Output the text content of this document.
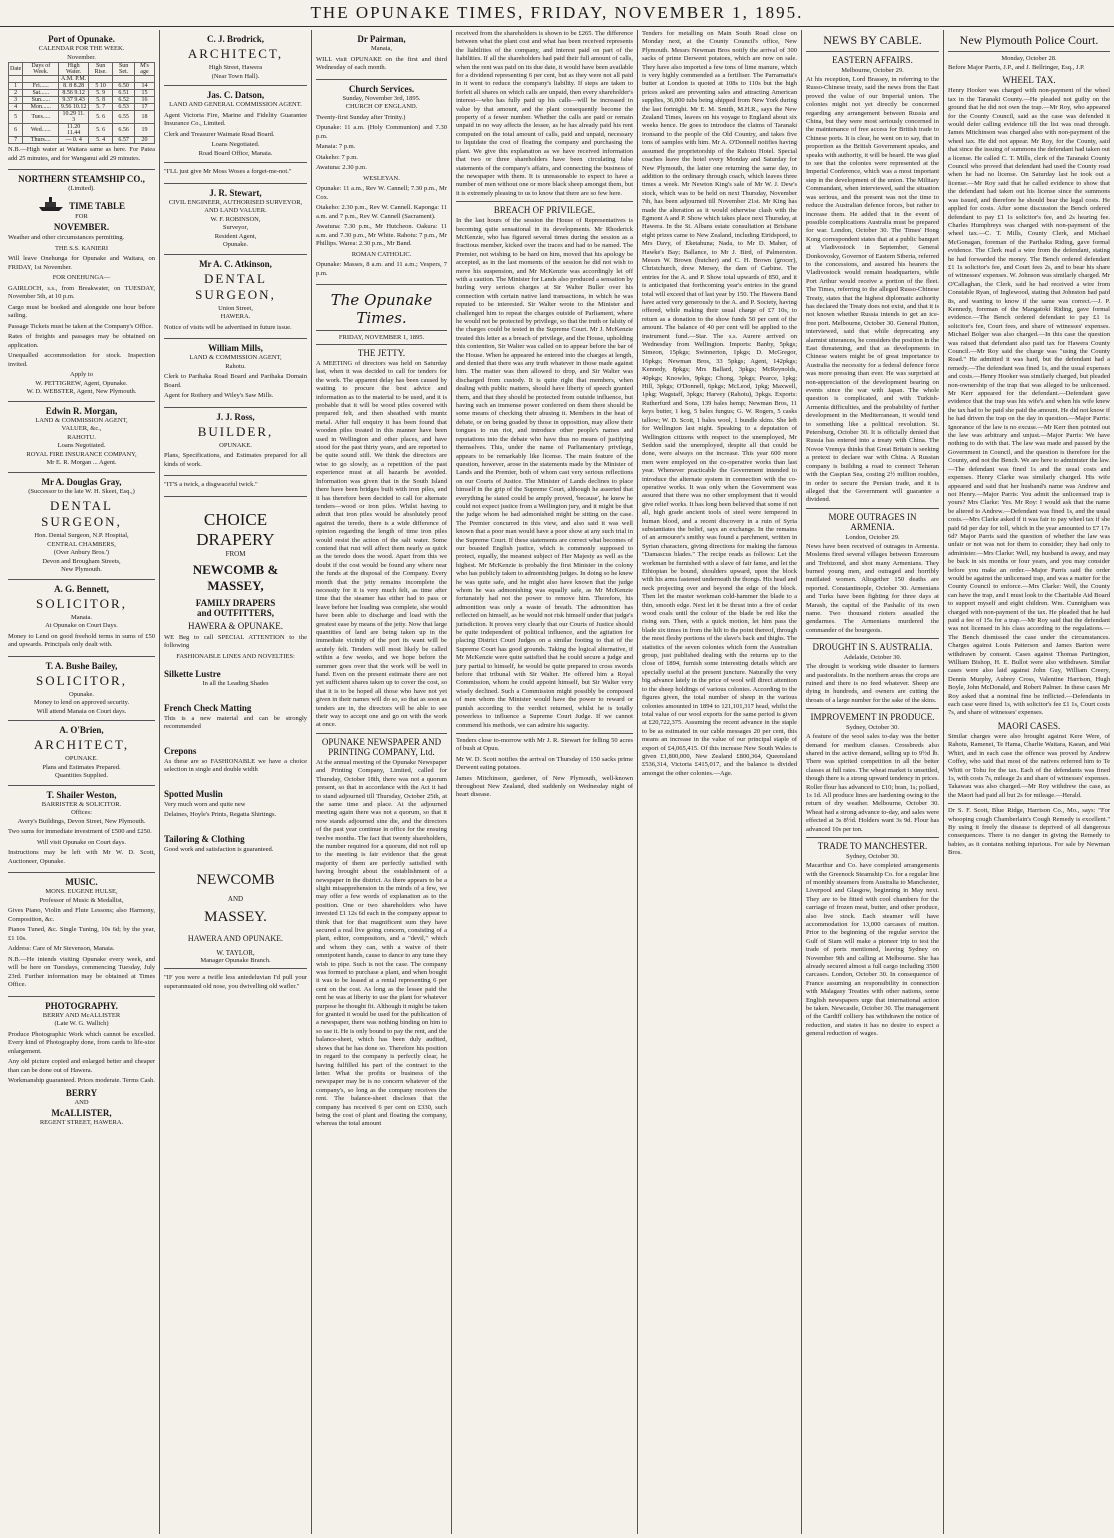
THE OPUNAKE TIMES, FRIDAY, NOVEMBER 1, 1895.
Port of Opunake.
CALENDAR FOR THE WEEK.
November.
Date	Days of Week.	High Water.	Sun Rise.	Sun Set.	M's age
		A.M. P.M.			
1	Fri......	8. 8 8.28	5 10	6.50	14
2	Sat......	8.56 9.12	5. 9	6.51	15
3	Sun......	9.37 9.43	5. 8	6.52	16
4	Mon......	9.56 10.12	5. 7	6.53	17
5	Tues.....	10.29 11. 3	5. 6	6.55	18
6	Wed......	11.20 11.44	5. 6	6.56	19
7	Thurs....	— 0. 4	5. 4	6.57	20

N.B.—High water at Waitara same as here. For Patea add 25 minutes, and for Wanganui add 29 minutes.

NORTHERN STEAMSHIP CO.,
(Limited).
TIME TABLE
FOR
NOVEMBER.

Weather and other circumstances permitting.

THE S.S. KANIERI

Will leave Onehunga for Opunake and Waitara, on FRIDAY, 1st November.

FOR ONEHUNGA—

GAIRLOCH, s.s., from Breakwater, on TUESDAY, November 5th, at 10 p.m.

Cargo must be booked and alongside one hour before sailing.

Passage Tickets must be taken at the Company's Office.

Rates of freights and passages may be obtained on application.

Unequalled accommodation for stock. Inspection invited.

Apply to
W. PETTIGREW, Agent, Opunake.
W. D. WEBSTER, Agent, New Plymouth.
Edwin R. Morgan,
LAND & COMMISSION AGENT,
VALUER, &c.,
RAHOTU.
Loans Negotiated.
ROYAL FIRE INSURANCE COMPANY,
Mr E. R. Morgan ... Agent.
Mr A. Douglas Gray,
(Successor to the late W. H. Skeet, Esq.,)
DENTAL SURGEON,
Hon. Dental Surgeon, N.P. Hospital,
CENTRAL CHAMBERS,
(Over Anbury Bros.')
Devon and Brougham Streets,
New Plymouth.
A. G. Bennett,
SOLICITOR,
Manaia.
At Opunake on Court Days.

Money to Lend on good freehold terms in sums of £50 and upwards. Principals only dealt with.

T. A. Bushe Bailey,
SOLICITOR,
Opunake.
Money to lend on approved security.
Will attend Manaia on Court days.
A. O'Brien,
ARCHITECT,
OPUNAKE.
Plans and Estimates Prepared.
Quantities Supplied.
T. Shailer Weston,
BARRISTER & SOLICITOR.
Offices:
Avery's Buildings, Devon Street, New Plymouth.

Two sums for immediate investment of £500 and £250.

Will visit Opunake on Court days.

Instructions may be left with Mr W. D. Scott, Auctioneer, Opunake.

MUSIC.
MONS. EUGENE HULSE,
Professor of Music & Medallist,

Gives Piano, Violin and Flute Lessons; also Harmony, Composition, &c.

Pianos Tuned, &c. Single Tuning, 10s 6d; by the year, £1 10s.

Address: Care of Mr Stevenson, Manaia.

N.B.—He intends visiting Opunake every week, and will be here on Tuesdays, commencing Tuesday, July 23rd. Further information may be obtained at Times Office.

PHOTOGRAPHY.
BERRY AND McALLISTER
(Late W. G. Wallich)

Produce Photographic Work which cannot be excelled. Every kind of Photography done, from cards to life-size enlargement.

Any old picture copied and enlarged better and cheaper than can be done out of Hawera.

Workmanship guaranteed. Prices moderate. Terms Cash.

BERRY
AND
McALLISTER,
REGENT STREET, HAWERA.
C. J. Brodrick,
ARCHITECT,
High Street, Hawera
(Near Town Hall).
Jas. C. Datson,
LAND AND GENERAL COMMISSION AGENT.

Agent Victoria Fire, Marine and Fidelity Guarantee Insurance Co., Limited.

Clerk and Treasurer Waimate Road Board.

Loans Negotiated.
Road Board Office, Manaia.

"I'LL just give Mr Moss Woses a forget-me-not."

J. R. Stewart,
CIVIL ENGINEER, AUTHORISED SURVEYOR, AND LAND VALUER.
W. F. ROBINSON,
Surveyor,
Resident Agent,
Opunake.
Mr A. C. Atkinson,
DENTAL SURGEON,
Union Street,
HAWERA.

Notice of visits will be advertised in future issue.

William Mills,
LAND & COMMISSION AGENT,
Rahotu.

Clerk to Parihaka Road Board and Parihaka Domain Board.

Agent for Rothery and Wiley's Saw Mills.

J. J. Ross,
BUILDER,
OPUNAKE.

Plans, Specifications, and Estimates prepared for all kinds of work.

"IT'S a twick, a disgwaceful twick."

CHOICE
DRAPERY
FROM
NEWCOMB & MASSEY,
FAMILY DRAPERS
and OUTFITTERS,
HAWERA & OPUNAKE.

WE Beg to call SPECIAL ATTENTION to the following

FASHIONABLE LINES AND NOVELTIES:
Silkette Lustre
In all the Leading Shades
French Check Matting

This is a new material and can be strongly recommended

Crepons

As these are so FASHIONABLE we have a choice selection in single and double width

Spotted Muslin

Very much worn and quite new

Delaines, Hoyle's Prints, Regatta Shirtings.

Tailoring & Clothing

Good work and satisfaction is guaranteed.

NEWCOMB
AND
MASSEY.
HAWERA AND OPUNAKE.
W. TAYLOR,
Manager Opunake Branch.

"IF you were a twifle less antedeluvian I'd pull your superannuated old nose, you dwivelling old wafler."

Dr Pairman,
Manaia,

WILL visit OPUNAKE on the first and third Wednesday of each month.

Church Services.
Sunday, November 3rd, 1895.
CHURCH OF ENGLAND.

Twenty-first Sunday after Trinity.)

Opunake: 11 a.m. (Holy Communion) and 7.30 p.m.

Manaia: 7 p.m.

Otakeho: 7 p.m.

Awatuna: 2.30 p.m.

WESLEYAN.

Opunake: 11 a.m., Rev W. Cannell; 7.30 p.m., Mr Cox.

Otakeho: 2.30 p.m., Rev W. Cannell. Kaponga: 11 a.m. and 7 p.m., Rev W. Cannell (Sacrament).

Awatuna: 7.30 p.m., Mr Hutcheon. Oakura: 11 a.m. and 7.30 p.m., Mr White. Rahotu: 7 p.m., Mr Phillips. Warea: 2.30 p.m., Mr Band.

ROMAN CATHOLIC.

Opunake: Masses, 8 a.m. and 11 a.m.; Vespers, 7 p.m.

The Opunake Times.
FRIDAY, NOVEMBER 1, 1895.
THE JETTY.

A MEETING of directors was held on Saturday last, when it was decided to call for tenders for the work. The apparent delay has been caused by waiting to procure the best advice and information as to the material to be used, and it is probable that it will be wood piles covered with prepared felt, and then sheathed with muntz metal. After full enquiry it has been found that wooden piles treated in this manner have been used in Wellington and other places, and have stood for the past thirty years, and are reported to be quite sound still. We think the directors are wise to go slowly, as a repetition of the past experience must at all hazards be avoided. Information was given that in the South Island there have been bridges built with iron piles, and it has therefore been decided to call for alternate tenders—wood or iron piles. Whilst having to admit that iron piles would be absolutely proof against the teredo, there is a wide difference of opinion regarding the length of time iron piles would resist the action of the salt water. Some contend that rust will affect them nearly as quick as the teredo does the wood. Apart from this we doubt if the cost would be found any where near the funds at the disposal of the Company. Every month that the jetty remains incomplete the necessity for it is very much felt, as time after time that the steamer has either had to pass or leave before her loading was complete, she would have been able to discharge and load with the greatest ease by means of the jetty. Now that large quantities of land are being taken up in the immediate vicinity of the port its want will be acutely felt. Tenders will most likely be called within a few weeks, and we hope before the summer goes over that the work will be well in hand. Even on the present estimate there are not yet sufficient shares taken up to cover the cost, so that it is to be hoped all those who have not yet given in their names will do so, so that as soon as tenders are in, the directors will be able to see their way to accept one and go on with the work at once.

OPUNAKE NEWSPAPER AND PRINTING COMPANY, Ltd.

At the annual meeting of the Opunake Newspaper and Printing Company, Limited, called for Thursday, October 18th, there was not a quorum present, so that in accordance with the Act it had to stand adjourned till Thursday, October 25th, at the same time and place. At the adjourned meeting again there was not a quorum, so that it now stands adjourned sine die, and the directors of the past year continue in office for the ensuing twelve months. The fact that twenty shareholders, the number required for a quorum, did not roll up to the meeting is fair evidence that the great majority of them are perfectly satisfied with having brought about the establishment of a newspaper in the district. As there appears to be a slight misapprehension in the minds of a few, we may offer a few words of explanation as to the position. One or two shareholders who have invested £1 12s 6d each in the company appear to think that for that magnificent sum they have secured a real live going concern, consisting of a plant, editor, compositors, and a "devil," which and whom they can, with a waive of their omnipotent hands, cause to dance to any tune they wish to pipe. Such is not the case. The company was formed to purchase a plant, and when bought it was to be leased at a rental representing 6 per cent on the cost. As long as the lessee paid the rent he was at liberty to use the plant for whatever purpose he thought fit. Although it might be taken for granted it would be used for the publication of a newspaper, there was nothing binding on him to so use it. He is only bound to pay the rent, and the balance-sheet, which has been duly audited, shows that he has done so. Therefore his position in regard to the company is perfectly clear, he having fulfilled his part of the contract to the letter. What the profits or business of the newspaper may be is no concern whatever of the company's, so long as the company receives the rent. The balance-sheet discloses that the company has received 6 per cent on £330, such being the cost of plant and floating the company, whereas the total amount

received from the shareholders is shown to be £265. The difference between what the plant cost and what has been received represents the liabilities of the company, and interest paid on part of the liabilities. If all the shareholders had paid their full amount of calls, when the rent was paid on its due date, it would have been available for a dividend representing 6 per cent, but as they were not all paid in it went to reduce the company's liability. If steps are taken to forfeit all shares on which calls are unpaid, then every shareholder's interest—who has fully paid up his calls—will be increased in value by that amount, and the plant consequently become the property of a fewer number. Whether the calls are paid or remain unpaid in no way affects the lessee, as he has already paid his rent computed on the total amount of calls, paid and unpaid, necessary to liquidate the cost of floating the company and purchasing the plant. We give this explanation as we have received information that two or three shareholders have been circulating false statements of the company's affairs, and connecting the business of the newspaper with them. It is unreasonable to expect to have a number of men without one or more black sheep amongst them, but it is extremely pleasing to us to know that there are so few here.

BREACH OF PRIVILEGE.

In the last hours of the session the House of Representatives is becoming quite sensational in its developments. Mr Rhoderick McKenzie, who has figured several times during the session as a fractious member, kicked over the traces and had to be named. The Premier, not wishing to be hard on him, moved that his apology be accepted, as in the last moments of the session he did not wish to move his suspension, and Mr McKenzie was accordingly let off with a caution. The Minister for Lands also produced a sensation by hurling very serious charges at Sir Walter Buller over his connection with certain native land transactions, in which he was reputed to be interested. Sir Walter wrote to the Minister and challenged him to repeat the charges outside of Parliament, where he would not be protected by privilege, so that the truth or falsity of the charges could be tested in the Supreme Court. Mr J. McKenzie treated this letter as a breach of privilege, and the House, upholding this contention, Sir Walter was called on to appear before the bar of the House. When he appeared he entered into the charges at length, and denied that there was any truth whatever in those made against him. The matter was then allowed to drop, and Sir Walter was discharged from custody. It is quite right that members, when dealing with public matters, should have liberty of speech granted them, and that they should be protected from outside influence, but having such an immense power conferred on them there should be some means of checking their abusing it. Members in the heat of debate, or on being goaded by those in opposition, may allow their tongues to run riot, and introduce other people's names and reputations into the debate who have thus no means of justifying themselves. This, under the name of Parliamentary privilege, appears to be remarkably like license. The main feature of the question, however, arose in the statements made by the Minister of Lands and the Premier, both of whom cast very serious reflections on our Courts of Justice. The Minister of Lands declines to place himself in the grip of the Supreme Court, although he asserted that everything he stated could be amply proved, 'because', he knew he could not expect justice from a Wellington jury, and it might be that the judge whom he had admonished might be sitting on the case. The Premier concurred in this view, and also said it was well known that a poor man would have a poor show at any such trial in the Supreme Court. If these statements are correct what becomes of our boasted English justice, which is commonly supposed to protect, equally, the meanest subject of Her Majesty as well as the highest. Mr McKenzie is probably the first Minister in the colony who has publicly taken to admonishing judges. In doing so he knew he was quite safe, and he might also have known that the judge whom he was admonishing was equally safe, as Mr McKenzie fortunately had not the power to remove him. Therefore, his admonition was only a waste of breath. The admonition has reflected on himself, as he would not risk himself under that judge's jurisdiction. It proves very clearly that our Courts of Justice should be quite independent of political influence, and the agitation for placing District Court Judges on a similar footing to that of the Supreme Court has good grounds. Taking the logical alternative, if Mr McKenzie were quite satisfied that he could secure a judge and jury partial to himself, he would be quite prepared to cross swords before that tribunal with Sir Walter. He offered him a Royal Commission, whom he could appoint himself, but Sir Walter very wisely declined. Such a Commission might possibly be composed of men whom the Minister would have the power to reward or punish according to the verdict returned, whilst he is totally powerless to influence a Supreme Court Judge. If we cannot commend his methods, we can admire his sagacity.

Tenders close to-morrow with Mr J. R. Stewart for felling 50 acres of bush at Opuu.

Mr W. D. Scott notifies the arrival on Thursday of 150 sacks prime Derwent eating potatoes.

James Mitchinson, gardener, of New Plymouth, well-known throughout New Zealand, died suddenly on Wednesday night of heart disease.

Tenders for metalling on Main South Road close on Monday next, at the County Council's office, New Plymouth. Messrs Newman Bros notify the arrival of 300 sacks of prime Derwent potatoes, which are now on sale. They have also imported a few tons of lime manure, which is very highly commended as a fertiliser. The Parramatta's butter at London is quoted at 108s to 110s but the high prices asked are preventing sales and attracting American supplies, 36,000 tubs being shipped from New York during the last fortnight. Mr E. M. Smith, M.H.R., says the New Zealand Times, leaves on his voyage to England about six weeks hence. He goes to introduce the claims of Taranaki ironsand to the people of the Old Country, and takes five tons of samples with him. Mr A. O'Donnell notifies having assumed the proprietorship of the Rahotu Hotel. Special coaches leave the hotel every Monday and Saturday for New Plymouth, the latter one returning the same day, in addition to the ordinary through coach, which leaves three times a week. Mr Newton King's sale of Mr W. J. Dew's stock, which was to be held on next Thursday, November 7th, has been adjourned till November 21st. Mr King has made the alteration as it would otherwise clash with the Egmont A and P. Show which takes place next Thursday, at Hawera. In the St. Albans estate consultation at Brisbane eight prizes came to New Zealand, including Eiridspord, to Mrs Davy, of Eketahuna; Nada, to Mr D. Maher, of Hawke's Bay; Ballance, to Mr J. Bird, of Palmerston. Messrs W. Brown (butcher) and C. H. Brown (grocer), Christchurch, drew Mersey, the dam of Carbine. The entries for the A. and P. Show total upwards of 850, and it is anticipated that forthcoming year's entries in the grand total will exceed that of last year by 150. The Hawera Band have acted very generously to the A. and P. Society, having offered, while making their usual charge of £7 10s, to return as a donation to the show funds 50 per cent of the amount. The balance of 40 per cent will be applied to the instrument fund.—Star. The s.s. Aurere arrived on Wednesday from Wellington. Imports: Banby, 5pkgs; Simeon, 15pkgs; Swinnerton, 1pkgs; D. McGregor, 16pkgs; Newman Bros, 33 5pkgs; Agent, 142pkgs; Kennedy, 8pkgs; Mrs Ballard, 3pkgs; McReynolds, 40pkgs; Knowles, 9pkgs; Chong, 3pkgs; Pearce, 1pkg; Hill, 3pkgs; O'Donnell, 6pkgs; McLeod, 1pkg; Maxwell, 1pkg; Wagstaff, 3pkgs; Harvey (Rahotu), 3pkgs. Exports: Rutherfurd and Sons, 139 bales hemp; Newman Bros, 11 keys butter, 1 keg, 5 bales fungus; G. W. Rogers, 5 casks tallow; W. D. Scott, 1 bales wool, 1 bundle skins. She left for Wellington last night. Speaking to a deputation of Wellington citizens with respect to the unemployed, Mr Seddon said the unemployed, despite all that could be done, were always on the increase. This year 600 more men were employed on the co-operative works than last year. Whenever practicable the Government intended to introduce the alternate system in connection with the co-operative works. It was only when the Government was assured that there was no other employment that it would give relief works. It has long been believed that some if not all, high grade ancient tools of steel were tempered in human blood, and a recent discovery in a ruin of Syria substantiates the belief, says an exchange. In the remains of an armourer's smithy was found a parchment, written in Syrian characters, giving directions for making the famous "Damascus blades." The recipe reads as follows: Let the workman be furnished with a slave of fair fame, and let the Ethiopian be bound, shoulders upward, upon the block with his arms fastened underneath the thongs. His head and neck projecting over and beyond the edge of the block. Then let the master workman cold-hammer the blade to a thin, smooth edge. Next let it be thrust into a fire of cedar wood coals until the colour of the blade be red like the rising sun. Then, with a quick motion, let him pass the blade six times in from the hilt to the point thereof, through the most fleshy portions of the slave's back and thighs. The statistics of the seven colonies which form the Australian group, just published dealing with the returns up to the close of 1894, furnish some interesting details which are specially useful at the present juncture. Naturally the very big advance lately in the price of wool will direct attention to the sheep holdings of various colonies. According to the figures given, the total number of sheep in the various colonies amounted in 1894 to 121,101,317 head, whilst the total value of our wool exports for the same period is given at £20,722,375. Assuming the recent advance in the staple to be as estimated in our cable messages 20 per cent, this means an increase in the value of our principal staple of export of £4,065,415. Of this increase New South Wales is given £1,800,000, New Zealand £800,364, Queensland £536,314, Victoria £415,017, and the balance is divided amongst the other colonies.—Age.

NEWS BY CABLE.
EASTERN AFFAIRS.
Melbourne, October 29.

At his reception, Lord Brassey, in referring to the Russo-Chinese treaty, said the news from the East proved the value of our Imperial union. The colonies might not yet directly be concerned regarding any arrangement between Russia and China, but they were most seriously concerned in the maintenance of free access for British trade to Chinese ports. It is clear, he went on to say, that in proportion as the British Government speaks, and speaks with authority, it will be heard. He was glad to see that the colonies were represented at the Imperial Conference, which was a most important step in the development of the union. The Military Commandant, when interviewed, said the situation was serious, and the present was not the time to reduce the Australian defence forces, but rather to increase them. He added that in the event of possible complications Australia must be prepared for war. London, October 30. The Times' Hong Kong correspondent states that at a public banquet at Vladivostock in September, General Donkovosky, Governor of Eastern Siberia, referred to the concessions, and assured his hearers the Vladivostock would remain headquarters, while Port Arthur would receive a portion of the fleet. The Times, referring to the alleged Russo-Chinese Treaty, states that the highest diplomatic authority has declared the Treaty does not exist, and that it is not known whether Russia intends to get an ice-free port. Melbourne, October 30. General Hutton, interviewed, said that while deprecating any alarmist utterances, he considers the position in the East threatening, and that as developments in Chinese waters might be of great importance to Australia the necessity for a federal defence force was more pressing than ever. He was surprised at non-appreciation of the development bearing on events since the war with Japan. The whole question is complicated, and with Turkish-Armenia difficulties, and the probability of further development in the Mediterranean, it would tend to something like a political revolution. St. Petersburg, October 30. It is officially denied that Russia has entered into a treaty with China. The Novoe Vremya thinks that Great Britain is seeking a pretext to declare war with China. A Russian company is building a road to connect Teheran with the Caspian Sea, costing 2½ million roubles, in order to secure the Persian trade, and it is alleged that the Government will guarantee a dividend.

MORE OUTRAGES IN ARMENIA.
London, October 29.

News have been received of outrages in Armenia. Moslems fired several villages between Erzeroum and Trebizond, and shot many Armenians. They burned young men, and outraged and horribly mutilated women. Altogether 150 deaths are reported. Constantinople, October 30. Armenians and Turks have been fighting for three days at Marash, the capital of the Pashalic of its own name. Two thousand rioters assailed the gendarmes. The Armenians murdered the commander of the bourgeois.

DROUGHT IN S. AUSTRALIA.
Adelaide, October 30.

The drought is working wide disaster to farmers and pastoralists. In the northern areas the crops are ruined and there is no feed whatever. Sheep are dying in hundreds, and owners are cutting the throats of a large number for the sake of the skins.

IMPROVEMENT IN PRODUCE.
Sydney, October 30.

A feature of the wool sales to-day was the better demand for medium classes. Crossbreds also shared in the active demand, selling up to 9½d lb. There was spirited competition in all the better classes at full rates. The wheat market is unsettled, though there is a strong upward tendency in prices. Roller flour has advanced to £10; bran, 1s; pollard, 1s 1d. All produce lines are hardening owing to the return of dry weather. Melbourne, October 30. Wheat had a strong advance to-day, and sales were effected at 3s 8½d. Holders want 3s 9d. Flour has advanced 10s per ton.

TRADE TO MANCHESTER.
Sydney, October 30.

Macarthur and Co. have completed arrangements with the Greenock Steamship Co. for a regular line of monthly steamers from Australia to Manchester, Liverpool and Glasgow, beginning in May next. They are to be fitted with cool chambers for the carriage of frozen meat, butter, and other produce, also live stock. Each steamer will have accommodation for 13,000 carcases of mutton. Prior to the beginning of the regular service the Gulf of Siam will make a pioneer trip to test the trade of ports mentioned, leaving Sydney on November 9th and calling at Melbourne. She has already secured almost a full cargo including 3500 carcases. London, October 30. In consequence of France assuming an responsibility in connection with Malagasy Treaties with other nations, some English newspapers urge that international action be taken. Newcastle, October 30. The management of the Cardiff colliery has withdrawn the notice of reduction, and states it has no desire to expect a general reduction of wages.

New Plymouth Police Court.
Monday, October 28.

Before Major Parris, J.P., and J. Bellringer, Esq., J.P.

WHEEL TAX.

Henry Hooker was charged with non-payment of the wheel tax in the Taranaki County.—He pleaded not guilty on the ground that he did not own the trap.—Mr Roy, who appeared for the County Council, said as the case was defended it would defer calling evidence till the list was read through. James Mitchinson was charged also with non-payment of the wheel tax. He did not appear. Mr Roy, for the County, said that since the issuing of summons the defendant had taken out a license. He called C. T. Mills, clerk of the Taranaki County Council who proved that defendant had used the County road when he had no license. On Saturday last he took out a license.—Mr Roy said that he called evidence to show that the defendant had taken out his license since the summons was issued, and therefore he should bear the legal costs. He applied for costs. After some discussion the Bench ordered defendant to pay £1 1s solicitor's fee, and 2s hearing fee. Charles Humphreys was charged with non-payment of the wheel tax.—C. T. Mills, County Clerk, and Michael McGonagan, foreman of the Parihaka Riding, gave formal evidence. The Clerk read a wire from the defendant, stating he had forwarded the money. The Bench ordered defendant £1 1s solicitor's fee, and Court fees 2s, and to bear his share of witnesses' expenses. W. Johnson was similarly charged. Mr O'Callaghan, the Clerk, said he had received a wire from Constable Ryan, of Inglewood, stating that Johnston had paid 8s, and wanting to know if the same was correct.—J. P. Kennedy, foreman of the Mangatoki Riding, gave formal evidence.—The Bench ordered defendant to pay £1 1s solicitor's fee, Court fees, and share of witnesses' expenses. Michael Bolger was also charged.—In this case the question was raised that defendant also paid tax for Hawera County Council.—Mr Roy said the charge was "using the County Road." He admitted it was hard, but the defendant had a remedy.—The defendant was fined 1s, and the usual expenses and costs.—Henry Hooker was similarly charged, but pleaded non-ownership of the trap that was alleged to be unlicensed. Mr Kerr appeared for the defendant.—Defendant gave evidence that the trap was his wife's and when his wife knew the tax had to be paid she paid the amount. He did not know if he had driven the trap on the day in question.—Major Parris: Ignorance of the law is no excuse.—Mr Kerr then pointed out the law was arbitrary and unjust.—Major Parris: We have nothing to do with that. The law was made and passed by the Government in Council, and the question is therefore for the County, and not the Bench. We are here to administer the law.—The defendant was fined 1s and the usual costs and expenses. Henry Clarke was similarly charged. His wife appeared and said that her husband's name was Andrew and not Henry.—Major Parris: You admit the unlicensed trap is yours? Mrs Clarke: Yes. Mr Roy: I would ask that the name be altered to Andrew.—Defendant was fined 1s, and the usual costs.—Mrs Clarke asked if it was fair to pay wheel tax if she paid 6d per day for toll, which in the year amounted to £7 17s 6d? Major Parris said the question of whether the law was unfair or not was not for them to consider; they had only to administer.—Mrs Clarke: Well, my husband is away, and may be back in six months or four years, and you may consider before you make an order.—Major Parris said the order would be against the unlicensed trap, and was a matter for the County Council to enforce.—Mrs Clarke: Well, the County can have the trap, and I must look to the Charitable Aid Board to support myself and eight children. Wm. Cunnigham was charged with non-payment of the tax. He pleaded that he had paid a fee of 15s for a trap.—Mr Roy said that the defendant was not licensed in his class according to the regulations.—The Bench dismissed the case under the circumstances. Charges against Louis Patterson and James Barton were withdrawn by consent. Cases against Thomas Partington, William Bishop, H. E. Bullot were also withdrawn. Similar cases were also laid against John Guy, William Creery, Dennis Murphy, Aubrey Cross, Valentine Harrison, Hugh Boyle, John McDonald, and Robert Palmer. In these cases Mr Roy asked that a nominal fine be inflicted.—Defendants in each case were fined 1s, with solicitor's fee £1 1s, Court costs 7s, and share of witnesses' expenses.

MAORI CASES.

Similar charges were also brought against Kere Were, of Rahotu, Ramenei, Te Hama, Charlie Waitara, Kaean, and Wai Whiri, and in each case the offence was proved by Andrew Coffey, who said that most of the natives referred him to Te Whiti or Tohu for the tax. Each of the defendants was fined 1s, with costs 7s, mileage 2s and share of witnesses' expenses. Takawau was also charged.—Mr Roy withdrew the case, as the Maori had paid all but 2s for mileage.—Herald.

Dr S. F. Scott, Blue Ridge, Harrison Co., Mo., says: "For whooping cough Chamberlain's Cough Remedy is excellent." By using it freely the disease is deprived of all dangerous consequences. There is no danger in giving the Remedy to babies, as it contains nothing injurious. For sale by Newman Bros.
